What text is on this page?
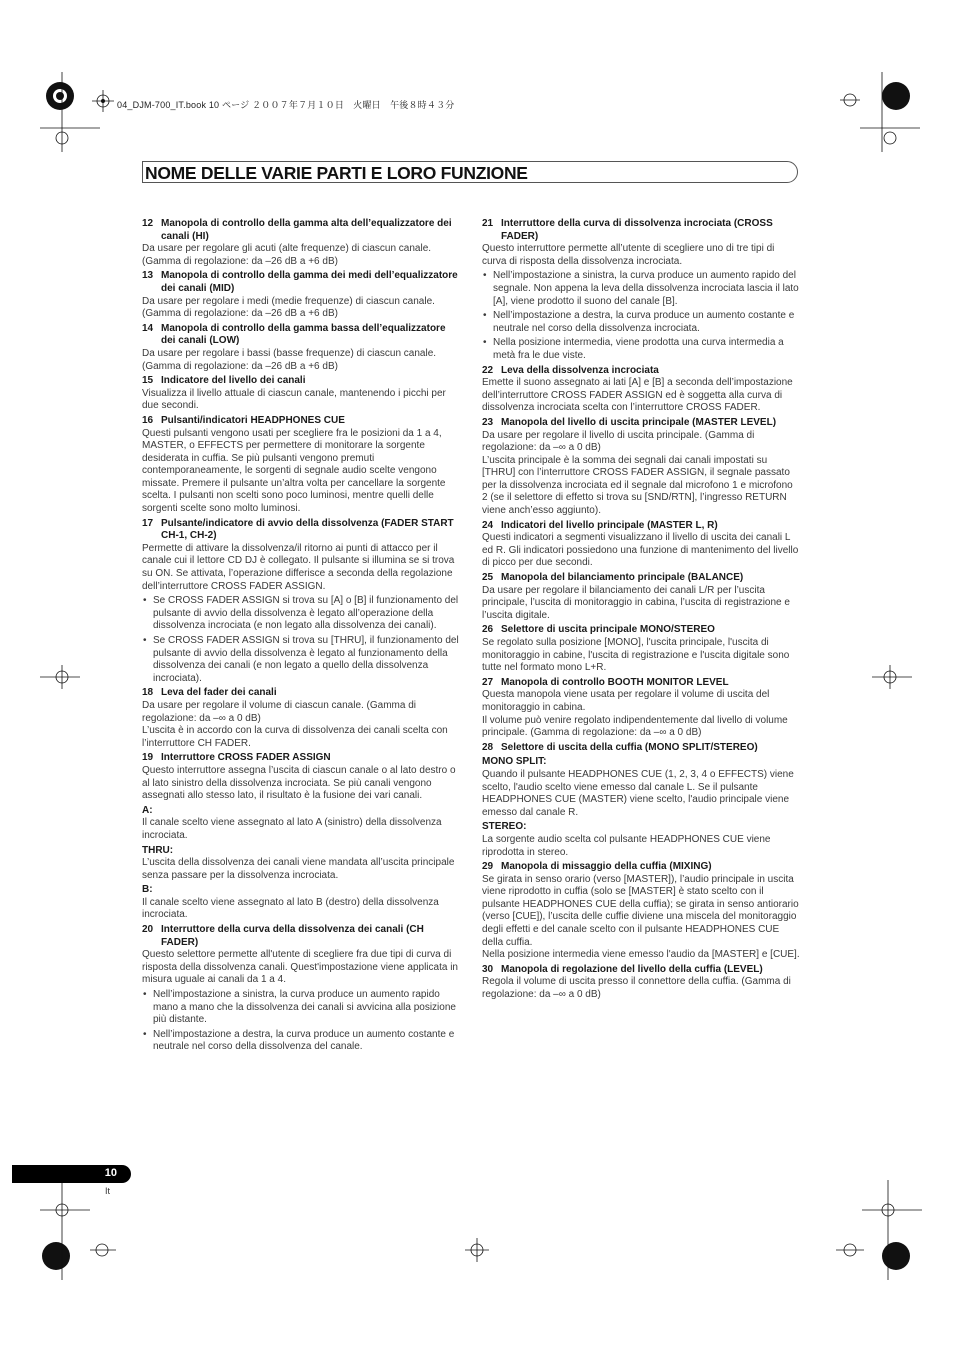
04_DJM-700_IT.book 10 ページ ２００７年７月１０日　火曜日　午後８時４３分
NOME DELLE VARIE PARTI E LORO FUNZIONE
12 Manopola di controllo della gamma alta dell’equalizzatore dei canali (HI)

Da usare per regolare gli acuti (alte frequenze) di ciascun canale. (Gamma di regolazione: da –26 dB a +6 dB)

13 Manopola di controllo della gamma dei medi dell’equalizzatore dei canali (MID)

Da usare per regolare i medi (medie frequenze) di ciascun canale. (Gamma di regolazione: da –26 dB a +6 dB)

14 Manopola di controllo della gamma bassa dell’equalizzatore dei canali (LOW)

Da usare per regolare i bassi (basse frequenze) di ciascun canale. (Gamma di regolazione: da –26 dB a +6 dB)

15 Indicatore del livello dei canali

Visualizza il livello attuale di ciascun canale, mantenendo i picchi per due secondi.

16 Pulsanti/indicatori HEADPHONES CUE

Questi pulsanti vengono usati per scegliere fra le posizioni da 1 a 4, MASTER, o EFFECTS per permettere di monitorare la sorgente desiderata in cuffia. Se più pulsanti vengono premuti contemporaneamente, le sorgenti di segnale audio scelte vengono missate. Premere il pulsante un’altra volta per cancellare la sorgente scelta. I pulsanti non scelti sono poco luminosi, mentre quelli delle sorgenti scelte sono molto luminosi.

17 Pulsante/indicatore di avvio della dissolvenza (FADER START CH-1, CH-2)

Permette di attivare la dissolvenza/il ritorno ai punti di attacco per il canale cui il lettore CD DJ è collegato. Il pulsante si illumina se si trova su ON. Se attivata, l’operazione differisce a seconda della regolazione dell’interruttore CROSS FADER ASSIGN.

• Se CROSS FADER ASSIGN si trova su [A] o [B] il funzionamento del pulsante di avvio della dissolvenza è legato all’operazione della dissolvenza incrociata (e non legato alla dissolvenza dei canali).
• Se CROSS FADER ASSIGN si trova su [THRU], il funzionamento del pulsante di avvio della dissolvenza è legato al funzionamento della dissolvenza dei canali (e non legato a quello della dissolvenza incrociata).
18 Leva del fader dei canali

Da usare per regolare il volume di ciascun canale. (Gamma di regolazione: da –∞ a 0 dB)

L’uscita è in accordo con la curva di dissolvenza dei canali scelta con l’interruttore CH FADER.

19 Interruttore CROSS FADER ASSIGN

Questo interruttore assegna l’uscita di ciascun canale o al lato destro o al lato sinistro della dissolvenza incrociata. Se più canali vengono assegnati allo stesso lato, il risultato è la fusione dei vari canali.

A:

Il canale scelto viene assegnato al lato A (sinistro) della dissolvenza incrociata.

THRU:

L’uscita della dissolvenza dei canali viene mandata all’uscita principale senza passare per la dissolvenza incrociata.

B:

Il canale scelto viene assegnato al lato B (destro) della dissolvenza incrociata.

20 Interruttore della curva della dissolvenza dei canali (CH FADER)

Questo selettore permette all'utente di scegliere fra due tipi di curva di risposta della dissolvenza canali. Quest'impostazione viene applicata in misura uguale ai canali da 1 a 4.

• Nell’impostazione a sinistra, la curva produce un aumento rapido mano a mano che la dissolvenza dei canali si avvicina alla posizione più distante.
• Nell’impostazione a destra, la curva produce un aumento costante e neutrale nel corso della dissolvenza del canale.
21 Interruttore della curva di dissolvenza incrociata (CROSS FADER)

Questo interruttore permette all’utente di scegliere uno di tre tipi di curva di risposta della dissolvenza incrociata.

• Nell’impostazione a sinistra, la curva produce un aumento rapido del segnale. Non appena la leva della dissolvenza incrociata lascia il lato [A], viene prodotto il suono del canale [B].
• Nell’impostazione a destra, la curva produce un aumento costante e neutrale nel corso della dissolvenza incrociata.
• Nella posizione intermedia, viene prodotta una curva intermedia a metà fra le due viste.
22 Leva della dissolvenza incrociata

Emette il suono assegnato ai lati [A] e [B] a seconda dell’impostazione dell’interruttore CROSS FADER ASSIGN ed è soggetta alla curva di dissolvenza incrociata scelta con l’interruttore CROSS FADER.

23 Manopola del livello di uscita principale (MASTER LEVEL)

Da usare per regolare il livello di uscita principale. (Gamma di regolazione: da –∞ a 0 dB)

L’uscita principale è la somma dei segnali dai canali impostati su [THRU] con l’interruttore CROSS FADER ASSIGN, il segnale passato per la dissolvenza incrociata ed il segnale dal microfono 1 e microfono 2 (se il selettore di effetto si trova su [SND/RTN], l’ingresso RETURN viene anch’esso aggiunto).

24 Indicatori del livello principale (MASTER L, R)

Questi indicatori a segmenti visualizzano il livello di uscita dei canali L ed R. Gli indicatori possiedono una funzione di mantenimento del livello di picco per due secondi.

25 Manopola del bilanciamento principale (BALANCE)

Da usare per regolare il bilanciamento dei canali L/R per l’uscita principale, l’uscita di monitoraggio in cabina, l’uscita di registrazione e l’uscita digitale.

26 Selettore di uscita principale MONO/STEREO

Se regolato sulla posizione [MONO], l'uscita principale, l'uscita di monitoraggio in cabine, l'uscita di registrazione e l'uscita digitale sono tutte nel formato mono L+R.

27 Manopola di controllo BOOTH MONITOR LEVEL

Questa manopola viene usata per regolare il volume di uscita del monitoraggio in cabina.

Il volume può venire regolato indipendentemente dal livello di volume principale. (Gamma di regolazione: da –∞ a 0 dB)

28 Selettore di uscita della cuffia (MONO SPLIT/STEREO)

MONO SPLIT:

Quando il pulsante HEADPHONES CUE (1, 2, 3, 4 o EFFECTS) viene scelto, l'audio scelto viene emesso dal canale L. Se il pulsante HEADPHONES CUE (MASTER) viene scelto, l'audio principale viene emesso dal canale R.

STEREO:

La sorgente audio scelta col pulsante HEADPHONES CUE viene riprodotta in stereo.

29 Manopola di missaggio della cuffia (MIXING)

Se girata in senso orario (verso [MASTER]), l’audio principale in uscita viene riprodotto in cuffia (solo se [MASTER] è stato scelto con il pulsante HEADPHONES CUE della cuffia); se girata in senso antiorario (verso [CUE]), l’uscita delle cuffie diviene una miscela del monitoraggio degli effetti e del canale scelto con il pulsante HEADPHONES CUE della cuffia.

Nella posizione intermedia viene emesso l'audio da [MASTER] e [CUE].

30 Manopola di regolazione del livello della cuffia (LEVEL)

Regola il volume di uscita presso il connettore della cuffia. (Gamma di regolazione: da –∞ a 0 dB)

10
It
